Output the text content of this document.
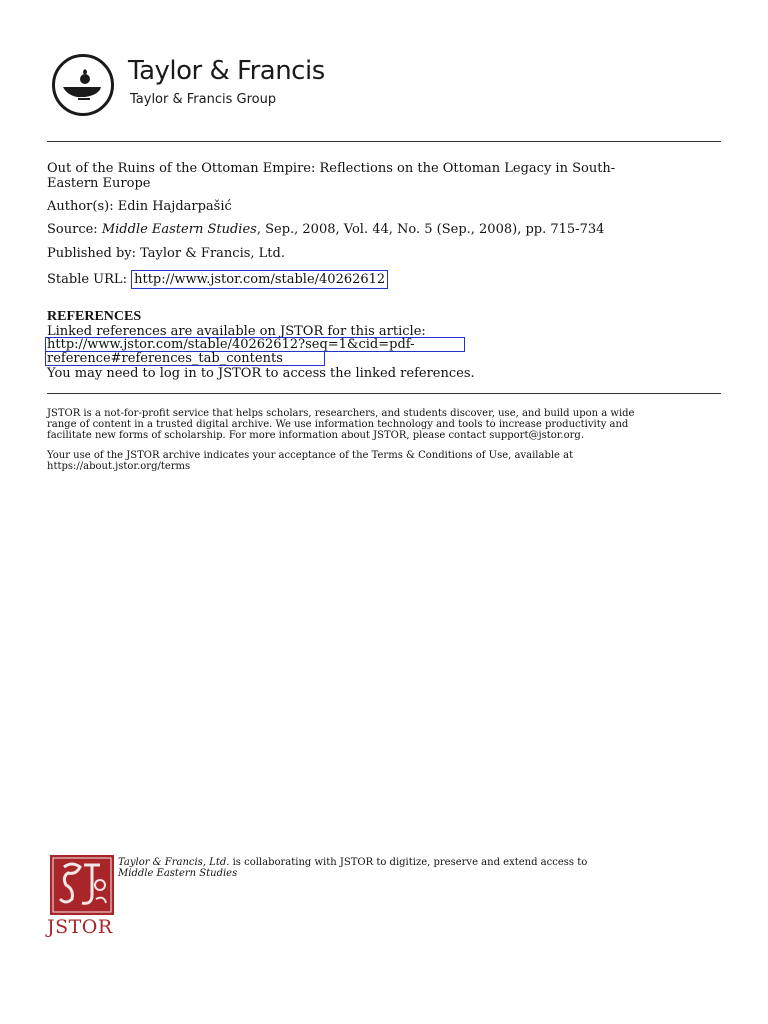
Taylor & Francis
Taylor & Francis Group
Out of the Ruins of the Ottoman Empire: Reflections on the Ottoman Legacy in South-
Eastern Europe
Author(s): Edin Hajdarpašić
Source: Middle Eastern Studies, Sep., 2008, Vol. 44, No. 5 (Sep., 2008), pp. 715-734
Published by: Taylor & Francis, Ltd.
Stable URL: http://www.jstor.com/stable/40262612
REFERENCES
Linked references are available on JSTOR for this article:
http://www.jstor.com/stable/40262612?seq=1&cid=pdf-
reference#references_tab_contents
You may need to log in to JSTOR to access the linked references.

JSTOR is a not-for-profit service that helps scholars, researchers, and students discover, use, and build upon a wide

range of content in a trusted digital archive. We use information technology and tools to increase productivity and

facilitate new forms of scholarship. For more information about JSTOR, please contact support@jstor.org.

Your use of the JSTOR archive indicates your acceptance of the Terms & Conditions of Use, available at

https://about.jstor.org/terms

JSTOR
Taylor & Francis, Ltd. is collaborating with JSTOR to digitize, preserve and extend access to
Middle Eastern Studies
